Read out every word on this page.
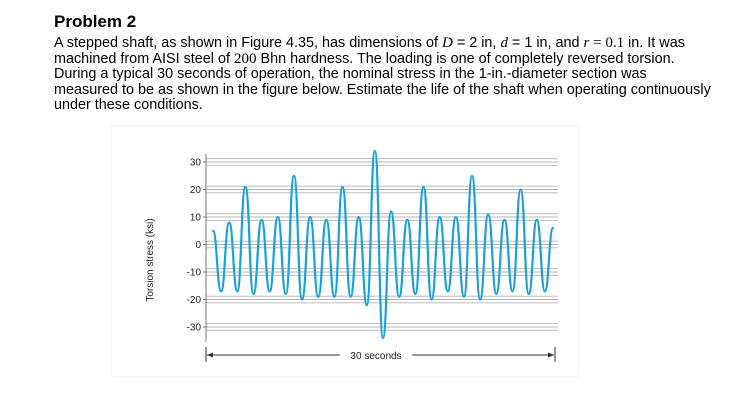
Problem 2

A stepped shaft, as shown in Figure 4.35, has dimensions of D = 2 in, d = 1 in, and r = 0.1 in. It was machined from AISI steel of 200 Bhn hardness. The loading is one of completely reversed torsion. During a typical 30 seconds of operation, the nominal stress in the 1-in.-diameter section was measured to be as shown in the figure below. Estimate the life of the shaft when operating continuously under these conditions.

30
20
10
0
-10
-20
-30
Torsion stress (ksi)
30 seconds
